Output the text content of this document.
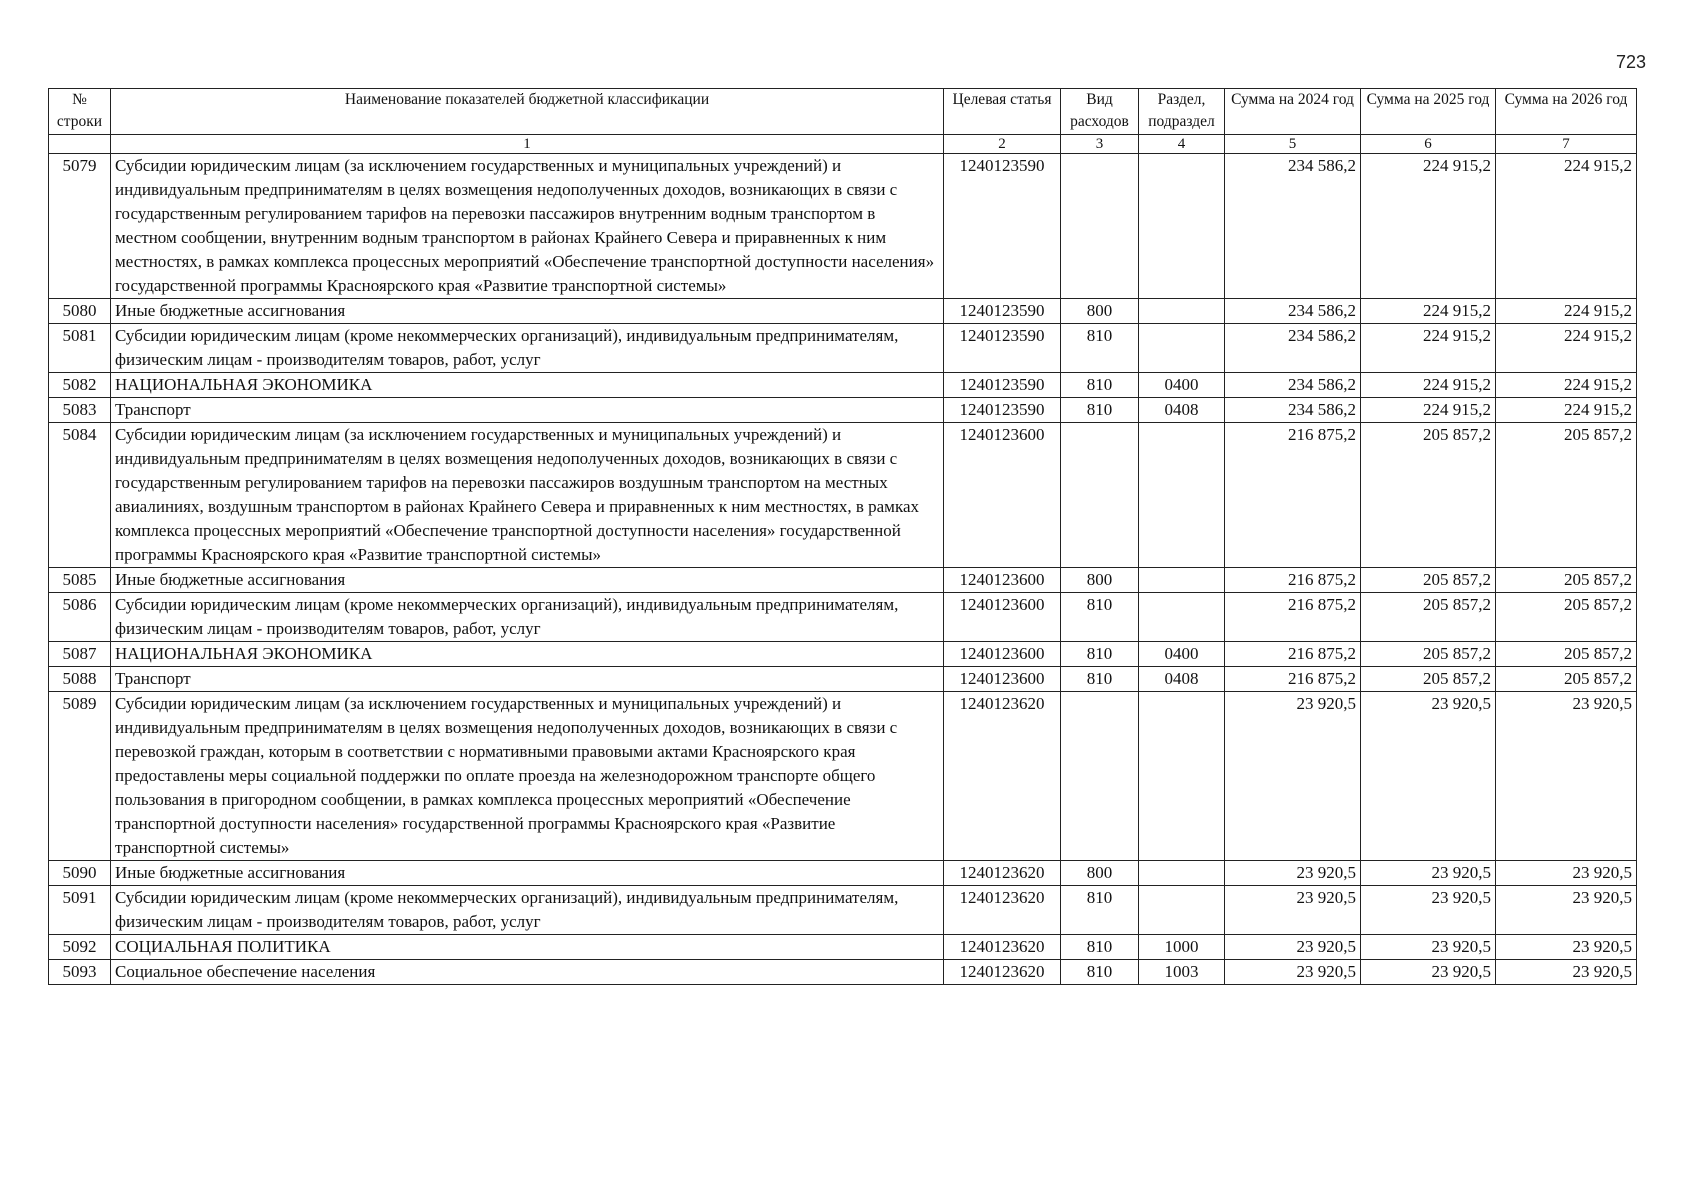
723
№ строки	Наименование показателей бюджетной классификации	Целевая статья	Вид расходов	Раздел, подраздел	Сумма на 2024 год	Сумма на 2025 год	Сумма на 2026 год
	1	2	3	4	5	6	7
5079	Субсидии юридическим лицам (за исключением государственных и муниципальных учреждений) и индивидуальным предпринимателям в целях возмещения недополученных доходов, возникающих в связи с государственным регулированием тарифов на перевозки пассажиров внутренним водным транспортом в местном сообщении, внутренним водным транспортом в районах Крайнего Севера и приравненных к ним местностях, в рамках комплекса процессных мероприятий «Обеспечение транспортной доступности населения» государственной программы Красноярского края «Развитие транспортной системы»	1240123590			234 586,2	224 915,2	224 915,2
5080	Иные бюджетные ассигнования	1240123590	800		234 586,2	224 915,2	224 915,2
5081	Субсидии юридическим лицам (кроме некоммерческих организаций), индивидуальным предпринимателям, физическим лицам - производителям товаров, работ, услуг	1240123590	810		234 586,2	224 915,2	224 915,2
5082	НАЦИОНАЛЬНАЯ ЭКОНОМИКА	1240123590	810	0400	234 586,2	224 915,2	224 915,2
5083	Транспорт	1240123590	810	0408	234 586,2	224 915,2	224 915,2
5084	Субсидии юридическим лицам (за исключением государственных и муниципальных учреждений) и индивидуальным предпринимателям в целях возмещения недополученных доходов, возникающих в связи с государственным регулированием тарифов на перевозки пассажиров воздушным транспортом на местных авиалиниях, воздушным транспортом в районах Крайнего Севера и приравненных к ним местностях, в рамках комплекса процессных мероприятий «Обеспечение транспортной доступности населения» государственной программы Красноярского края «Развитие транспортной системы»	1240123600			216 875,2	205 857,2	205 857,2
5085	Иные бюджетные ассигнования	1240123600	800		216 875,2	205 857,2	205 857,2
5086	Субсидии юридическим лицам (кроме некоммерческих организаций), индивидуальным предпринимателям, физическим лицам - производителям товаров, работ, услуг	1240123600	810		216 875,2	205 857,2	205 857,2
5087	НАЦИОНАЛЬНАЯ ЭКОНОМИКА	1240123600	810	0400	216 875,2	205 857,2	205 857,2
5088	Транспорт	1240123600	810	0408	216 875,2	205 857,2	205 857,2
5089	Субсидии юридическим лицам (за исключением государственных и муниципальных учреждений) и индивидуальным предпринимателям в целях возмещения недополученных доходов, возникающих в связи с перевозкой граждан, которым в соответствии с нормативными правовыми актами Красноярского края предоставлены меры социальной поддержки по оплате проезда на железнодорожном транспорте общего пользования в пригородном сообщении, в рамках комплекса процессных мероприятий «Обеспечение транспортной доступности населения» государственной программы Красноярского края «Развитие транспортной системы»	1240123620			23 920,5	23 920,5	23 920,5
5090	Иные бюджетные ассигнования	1240123620	800		23 920,5	23 920,5	23 920,5
5091	Субсидии юридическим лицам (кроме некоммерческих организаций), индивидуальным предпринимателям, физическим лицам - производителям товаров, работ, услуг	1240123620	810		23 920,5	23 920,5	23 920,5
5092	СОЦИАЛЬНАЯ ПОЛИТИКА	1240123620	810	1000	23 920,5	23 920,5	23 920,5
5093	Социальное обеспечение населения	1240123620	810	1003	23 920,5	23 920,5	23 920,5
